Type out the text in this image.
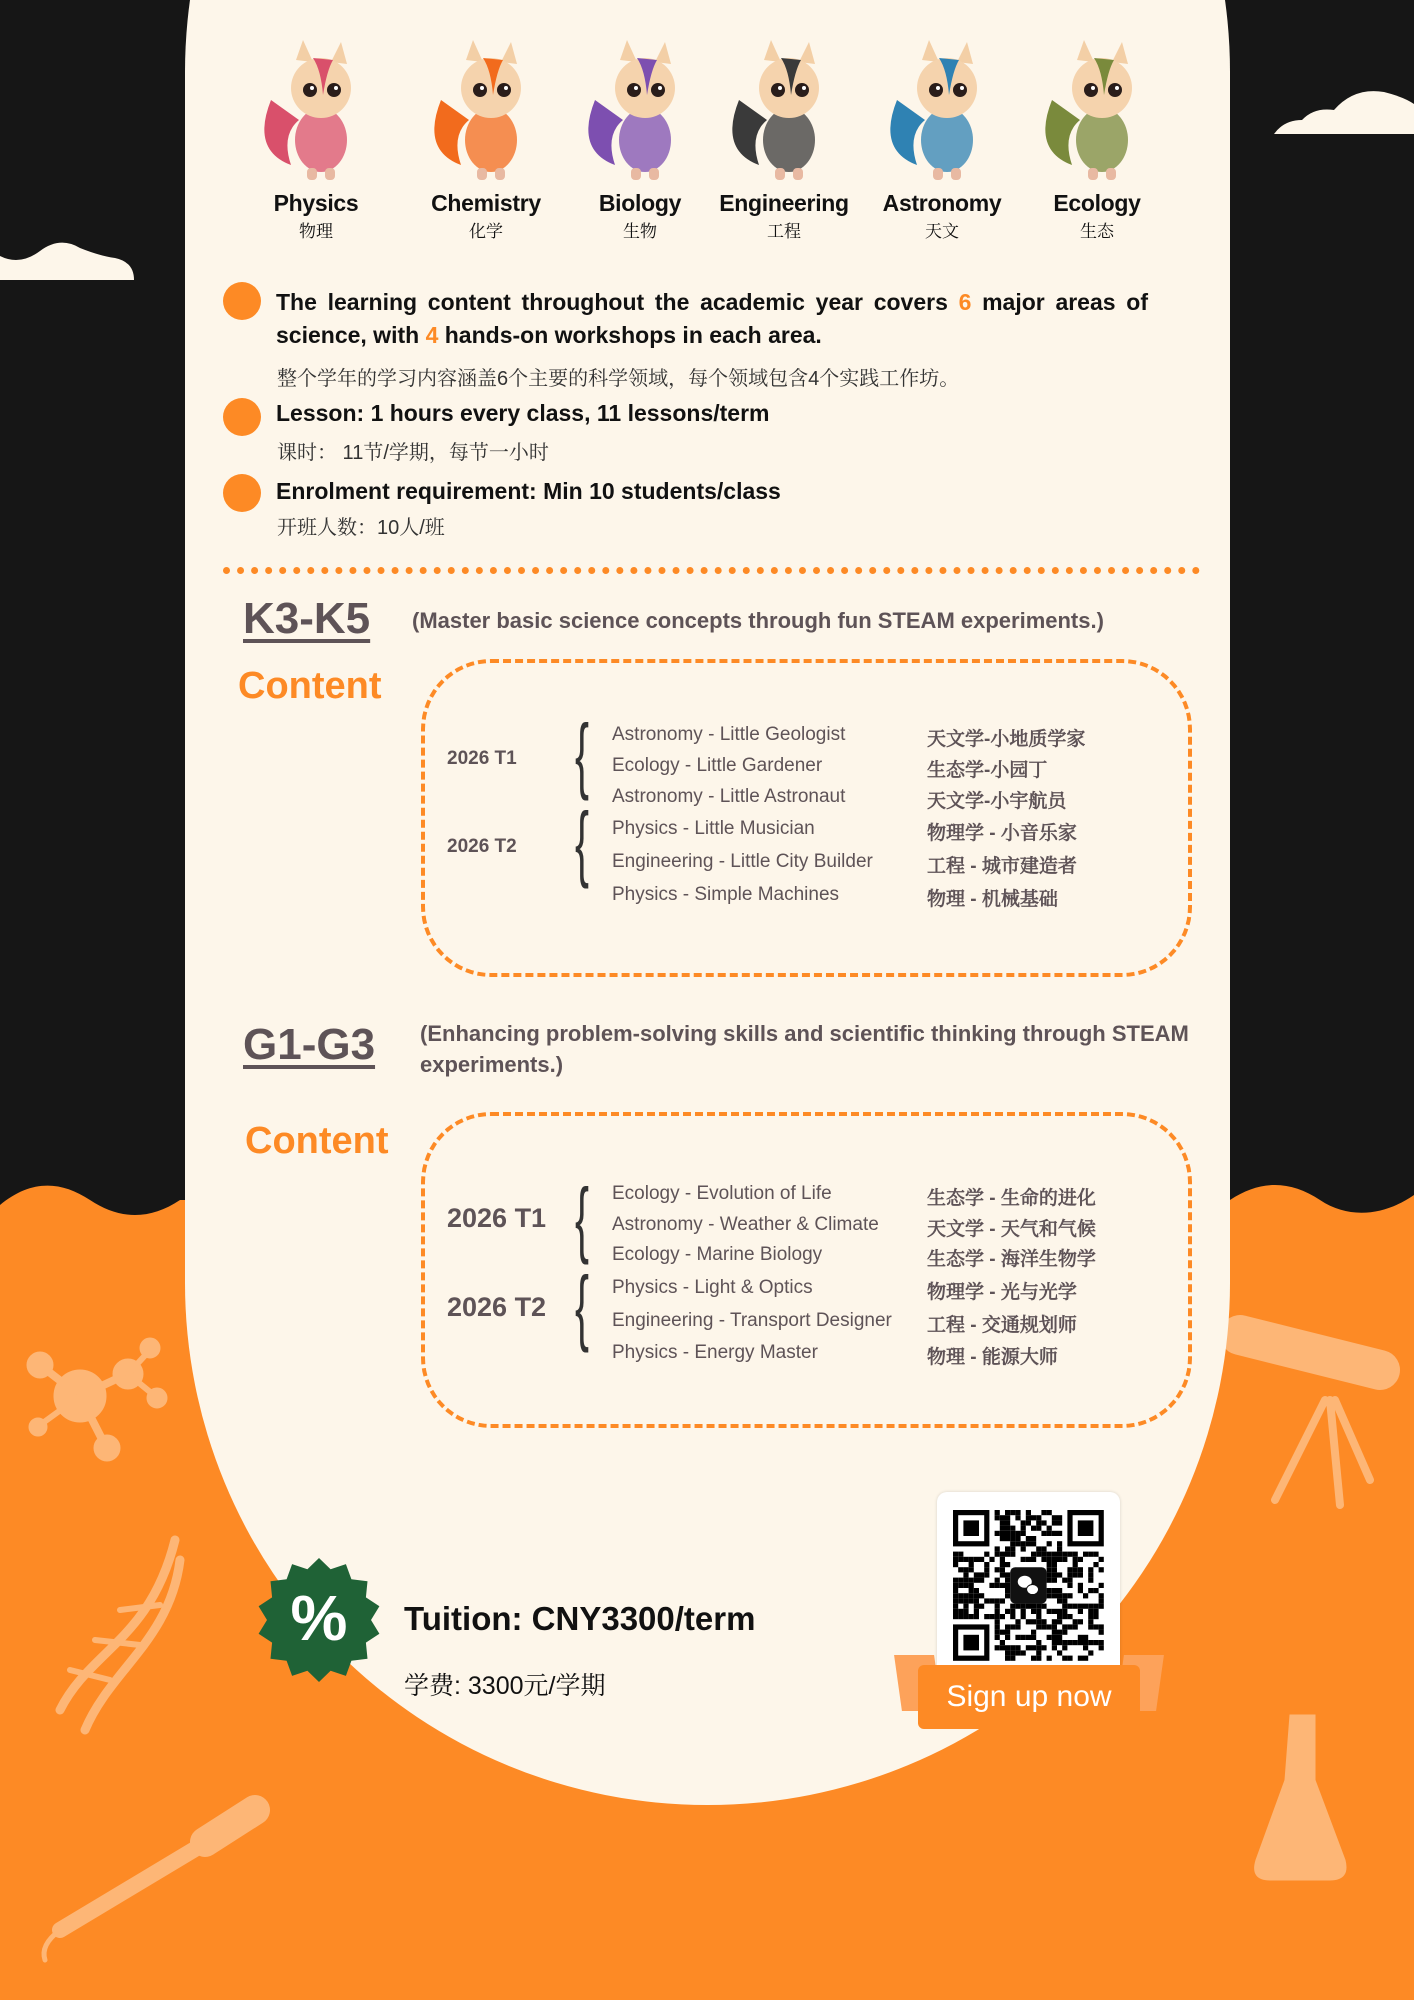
Physics
物理
Chemistry
化学
Biology
生物
Engineering
工程
Astronomy
天文
Ecology
生态
The learning content throughout the academic year covers 6 major areas of science, with 4 hands-on workshops in each area.
整个学年的学习内容涵盖6个主要的科学领域，每个领域包含4个实践工作坊。
Lesson: 1 hours every class, 11 lessons/term
课时： 11节/学期，每节一小时
Enrolment requirement: Min 10 students/class
开班人数：10人/班
K3-K5 (Master basic science concepts through fun STEAM experiments.)
Content
2026 T1 { Astronomy - Little Geologist	天文学-小地质学家
Ecology - Little Gardener	生态学-小园丁
Astronomy - Little Astronaut	天文学-小宇航员
2026 T2 { Physics - Little Musician	物理学 - 小音乐家
Engineering - Little City Builder	工程 - 城市建造者
Physics - Simple Machines	物理 - 机械基础
G1-G3 (Enhancing problem-solving skills and scientific thinking through STEAM experiments.)
Content
2026 T1 { Ecology - Evolution of Life	生态学 - 生命的进化
Astronomy - Weather & Climate	天文学 - 天气和气候
Ecology - Marine Biology	生态学 - 海洋生物学
2026 T2 { Physics - Light & Optics	物理学 - 光与光学
Engineering - Transport Designer 工程 - 交通规划师
Physics - Energy Master	物理 - 能源大师
% Tuition: CNY3300/term
学费: 3300元/学期	Sign up now
